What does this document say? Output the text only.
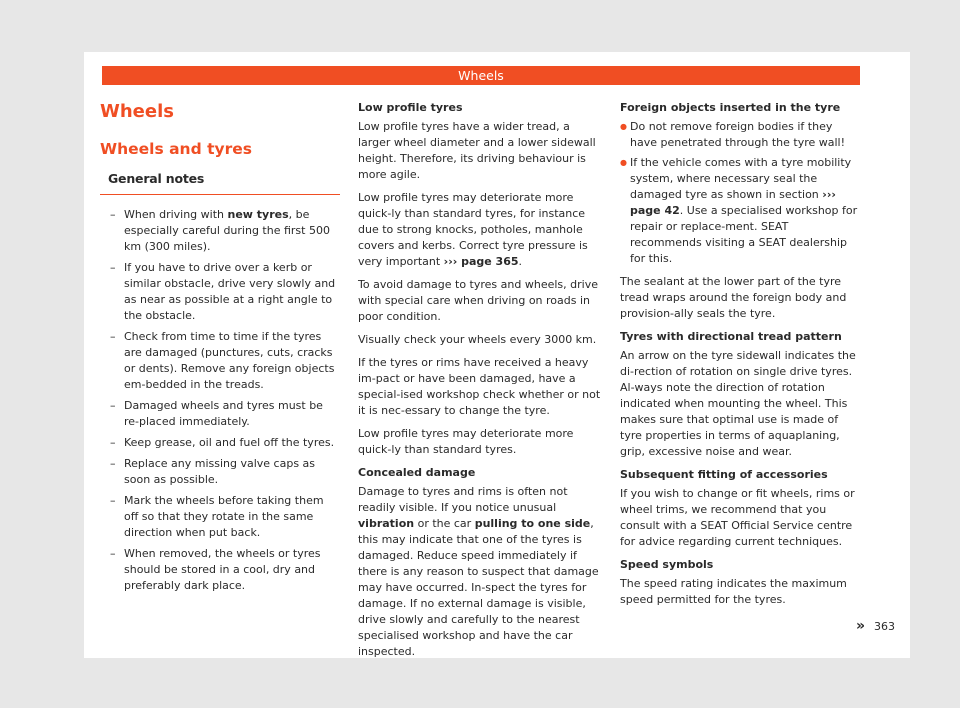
Wheels
Wheels
Wheels and tyres
General notes
– When driving with new tyres, be especially careful during the first 500 km (300 miles).
– If you have to drive over a kerb or similar obstacle, drive very slowly and as near as possible at a right angle to the obstacle.
– Check from time to time if the tyres are damaged (punctures, cuts, cracks or dents). Remove any foreign objects em-bedded in the treads.
– Damaged wheels and tyres must be re-placed immediately.
– Keep grease, oil and fuel off the tyres.
– Replace any missing valve caps as soon as possible.
– Mark the wheels before taking them off so that they rotate in the same direction when put back.
– When removed, the wheels or tyres should be stored in a cool, dry and preferably dark place.
Low profile tyres

Low profile tyres have a wider tread, a larger wheel diameter and a lower sidewall height. Therefore, its driving behaviour is more agile.

Low profile tyres may deteriorate more quick-ly than standard tyres, for instance due to strong knocks, potholes, manhole covers and kerbs. Correct tyre pressure is very important ››› page 365.

To avoid damage to tyres and wheels, drive with special care when driving on roads in poor condition.

Visually check your wheels every 3000 km.

If the tyres or rims have received a heavy im-pact or have been damaged, have a special-ised workshop check whether or not it is nec-essary to change the tyre.

Low profile tyres may deteriorate more quick-ly than standard tyres.

Concealed damage

Damage to tyres and rims is often not readily visible. If you notice unusual vibration or the car pulling to one side, this may indicate that one of the tyres is damaged. Reduce speed immediately if there is any reason to suspect that damage may have occurred. In-spect the tyres for damage. If no external damage is visible, drive slowly and carefully to the nearest specialised workshop and have the car inspected.

Foreign objects inserted in the tyre
● Do not remove foreign bodies if they have penetrated through the tyre wall!
● If the vehicle comes with a tyre mobility system, where necessary seal the damaged tyre as shown in section ››› page 42. Use a specialised workshop for repair or replace-ment. SEAT recommends visiting a SEAT dealership for this.

The sealant at the lower part of the tyre tread wraps around the foreign body and provision-ally seals the tyre.

Tyres with directional tread pattern

An arrow on the tyre sidewall indicates the di-rection of rotation on single drive tyres. Al-ways note the direction of rotation indicated when mounting the wheel. This makes sure that optimal use is made of tyre properties in terms of aquaplaning, grip, excessive noise and wear.

Subsequent fitting of accessories

If you wish to change or fit wheels, rims or wheel trims, we recommend that you consult with a SEAT Official Service centre for advice regarding current techniques.

Speed symbols

The speed rating indicates the maximum speed permitted for the tyres.

» 363
